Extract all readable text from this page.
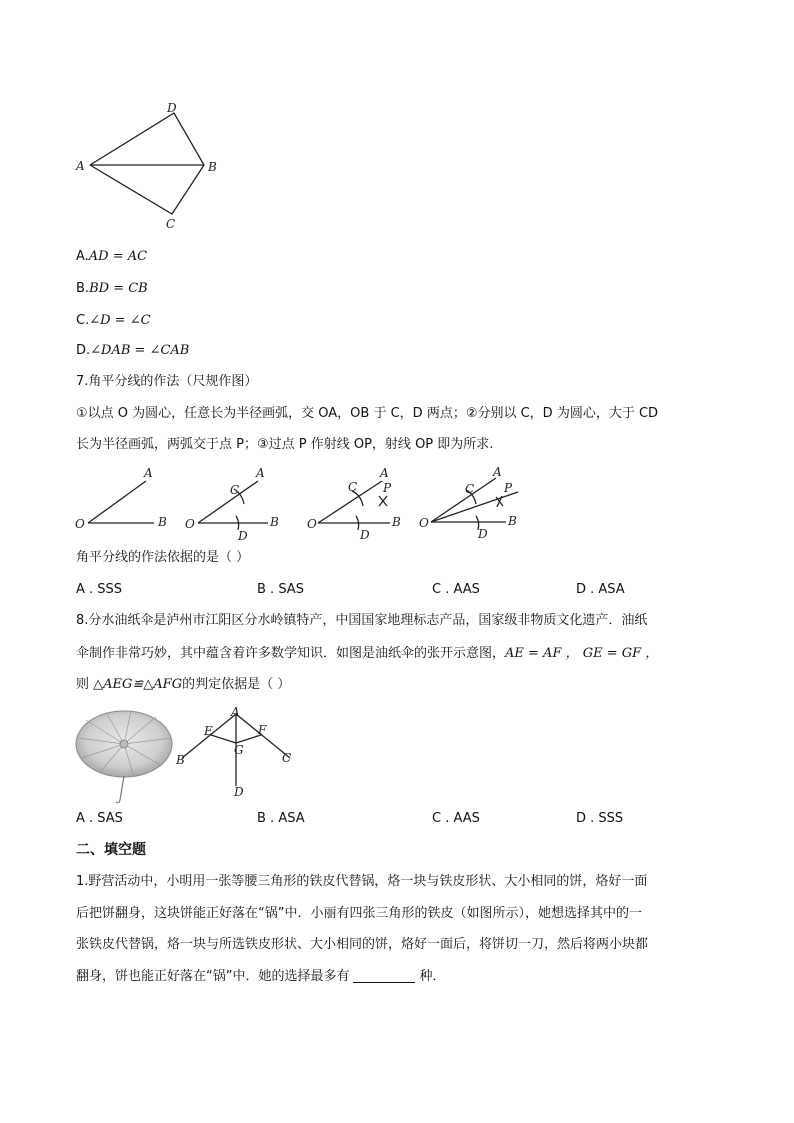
D
A	B
C
A.AD = AC
B.BD = CB
C.∠D = ∠C
D.∠DAB = ∠CAB
7.角平分线的作法（尺规作图）
①以点 O 为圆心，任意长为半径画弧，交 OA，OB 于 C，D 两点；②分别以 C，D 为圆心，大于 CD
长为半径画弧，两弧交于点 P；③过点 P 作射线 OP，射线 OP 即为所求.
A
B
O
A
B
O
C
D
A
B
O
C
D
P
A
B
O
C
D
P
角平分线的作法依据的是（ ）
A . SSS	B . SAS	C . AAS	D . ASA
8.分水油纸伞是泸州市江阳区分水岭镇特产，中国国家地理标志产品，国家级非物质文化遗产．油纸
伞制作非常巧妙，其中蕴含着许多数学知识．如图是油纸伞的张开示意图，AE = AF ， GE = GF ，
则 △AEG≌△AFG的判定依据是（ ）
A
E	F
G
B	C
D
A . SAS	B . ASA	C . AAS	D . SSS
二、填空题
1.野营活动中，小明用一张等腰三角形的铁皮代替锅，烙一块与铁皮形状、大小相同的饼，烙好一面
后把饼翻身，这块饼能正好落在“锅”中．小丽有四张三角形的铁皮（如图所示），她想选择其中的一
张铁皮代替锅，烙一块与所选铁皮形状、大小相同的饼，烙好一面后，将饼切一刀，然后将两小块都
翻身，饼也能正好落在“锅”中．她的选择最多有	种．
